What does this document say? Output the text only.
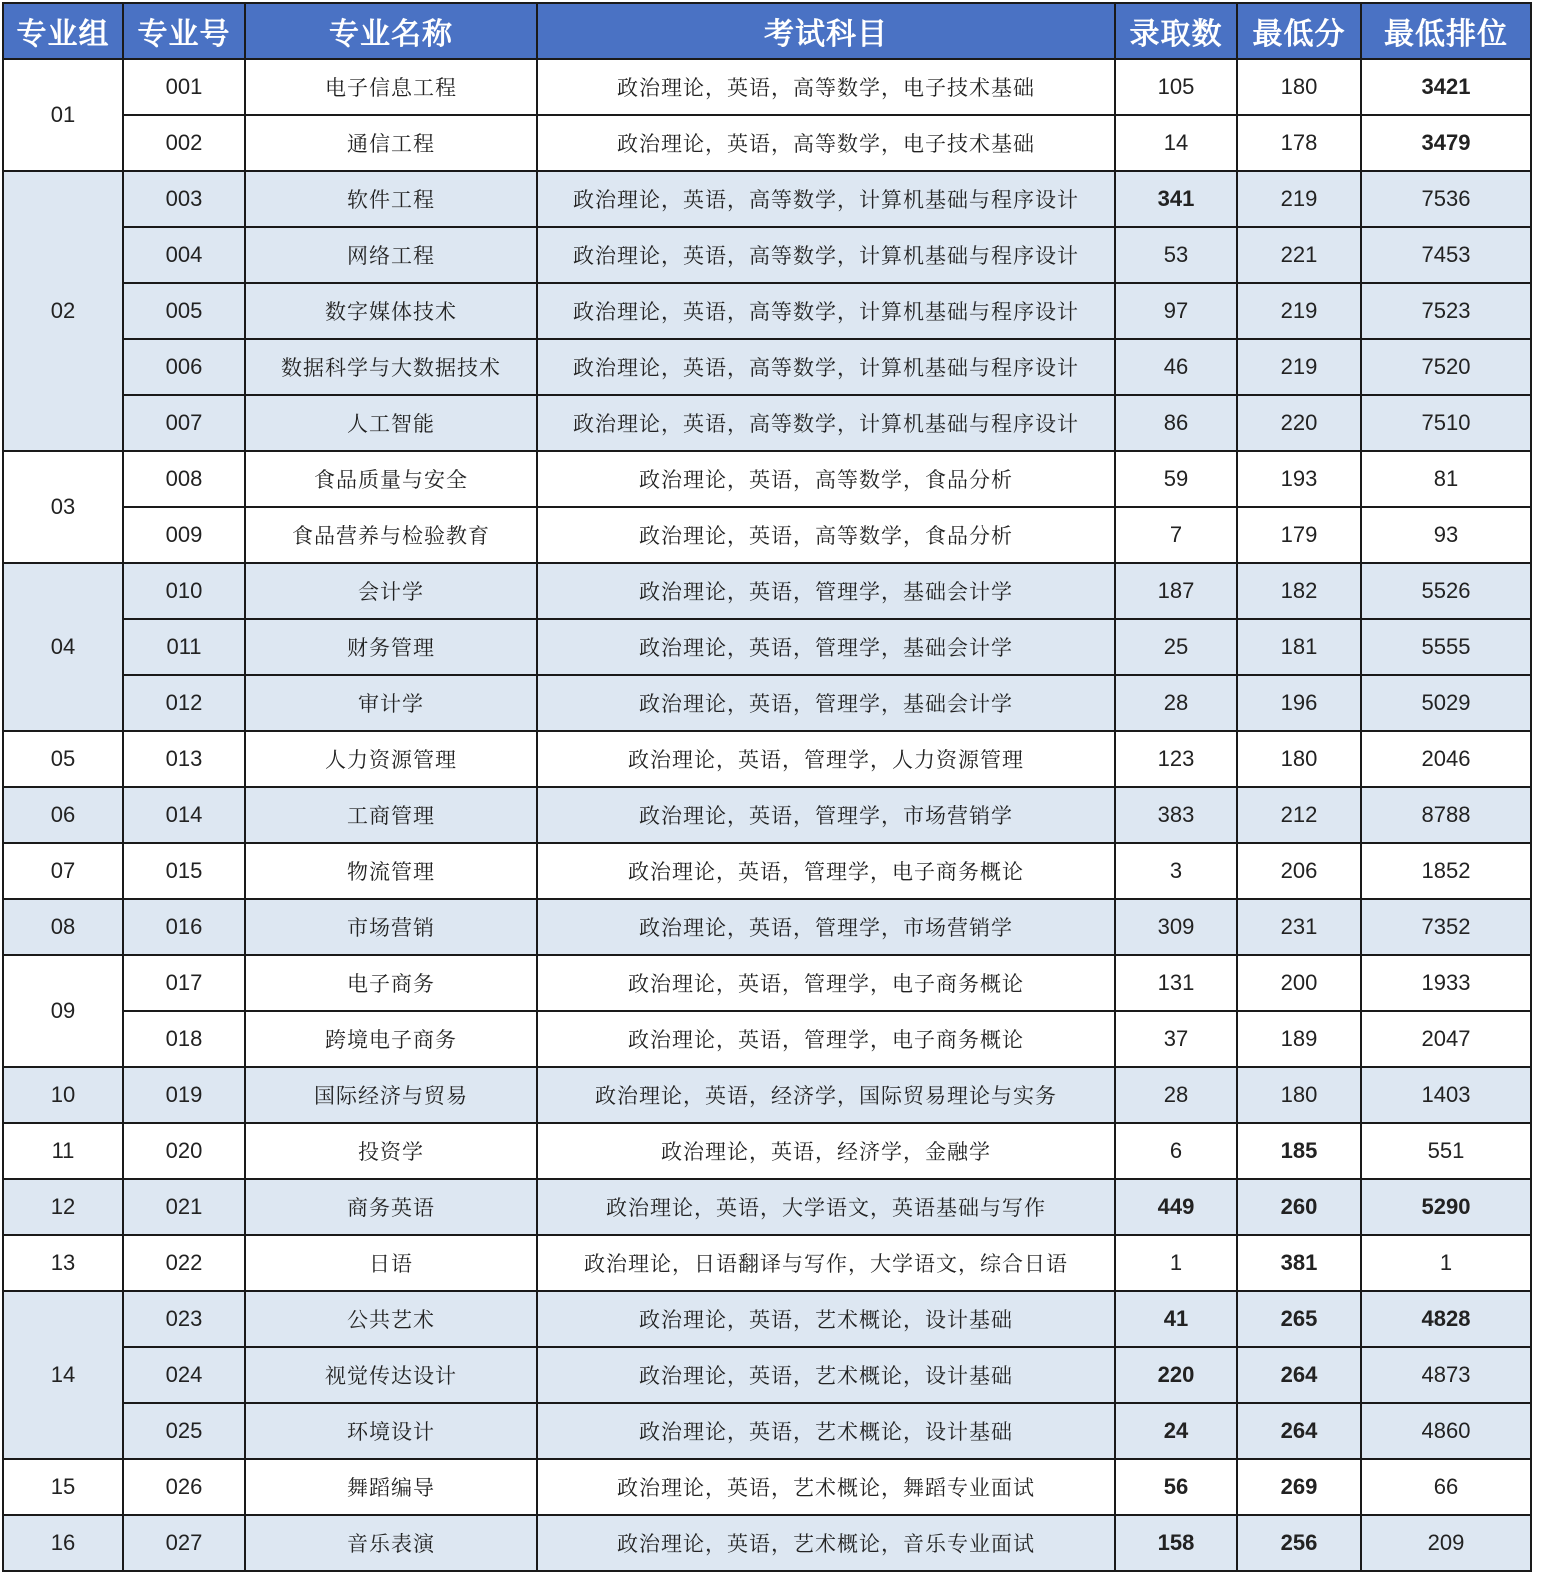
专业组	专业号	专业名称	考试科目	录取数	最低分	最低排位
01	001	电子信息工程	政治理论，英语，高等数学，电子技术基础	105	180	3421
	002	通信工程	政治理论，英语，高等数学，电子技术基础	14	178	3479
02	003	软件工程	政治理论，英语，高等数学，计算机基础与程序设计	341	219	7536
	004	网络工程	政治理论，英语，高等数学，计算机基础与程序设计	53	221	7453
	005	数字媒体技术	政治理论，英语，高等数学，计算机基础与程序设计	97	219	7523
	006	数据科学与大数据技术	政治理论，英语，高等数学，计算机基础与程序设计	46	219	7520
	007	人工智能	政治理论，英语，高等数学，计算机基础与程序设计	86	220	7510
03	008	食品质量与安全	政治理论，英语，高等数学，食品分析	59	193	81
	009	食品营养与检验教育	政治理论，英语，高等数学，食品分析	7	179	93
04	010	会计学	政治理论，英语，管理学，基础会计学	187	182	5526
	011	财务管理	政治理论，英语，管理学，基础会计学	25	181	5555
	012	审计学	政治理论，英语，管理学，基础会计学	28	196	5029
05	013	人力资源管理	政治理论，英语，管理学，人力资源管理	123	180	2046
06	014	工商管理	政治理论，英语，管理学，市场营销学	383	212	8788
07	015	物流管理	政治理论，英语，管理学，电子商务概论	3	206	1852
08	016	市场营销	政治理论，英语，管理学，市场营销学	309	231	7352
09	017	电子商务	政治理论，英语，管理学，电子商务概论	131	200	1933
	018	跨境电子商务	政治理论，英语，管理学，电子商务概论	37	189	2047
10	019	国际经济与贸易	政治理论，英语，经济学，国际贸易理论与实务	28	180	1403
11	020	投资学	政治理论，英语，经济学，金融学	6	185	551
12	021	商务英语	政治理论，英语，大学语文，英语基础与写作	449	260	5290
13	022	日语	政治理论，日语翻译与写作，大学语文，综合日语	1	381	1
14	023	公共艺术	政治理论，英语，艺术概论，设计基础	41	265	4828
	024	视觉传达设计	政治理论，英语，艺术概论，设计基础	220	264	4873
	025	环境设计	政治理论，英语，艺术概论，设计基础	24	264	4860
15	026	舞蹈编导	政治理论，英语，艺术概论，舞蹈专业面试	56	269	66
16	027	音乐表演	政治理论，英语，艺术概论，音乐专业面试	158	256	209
